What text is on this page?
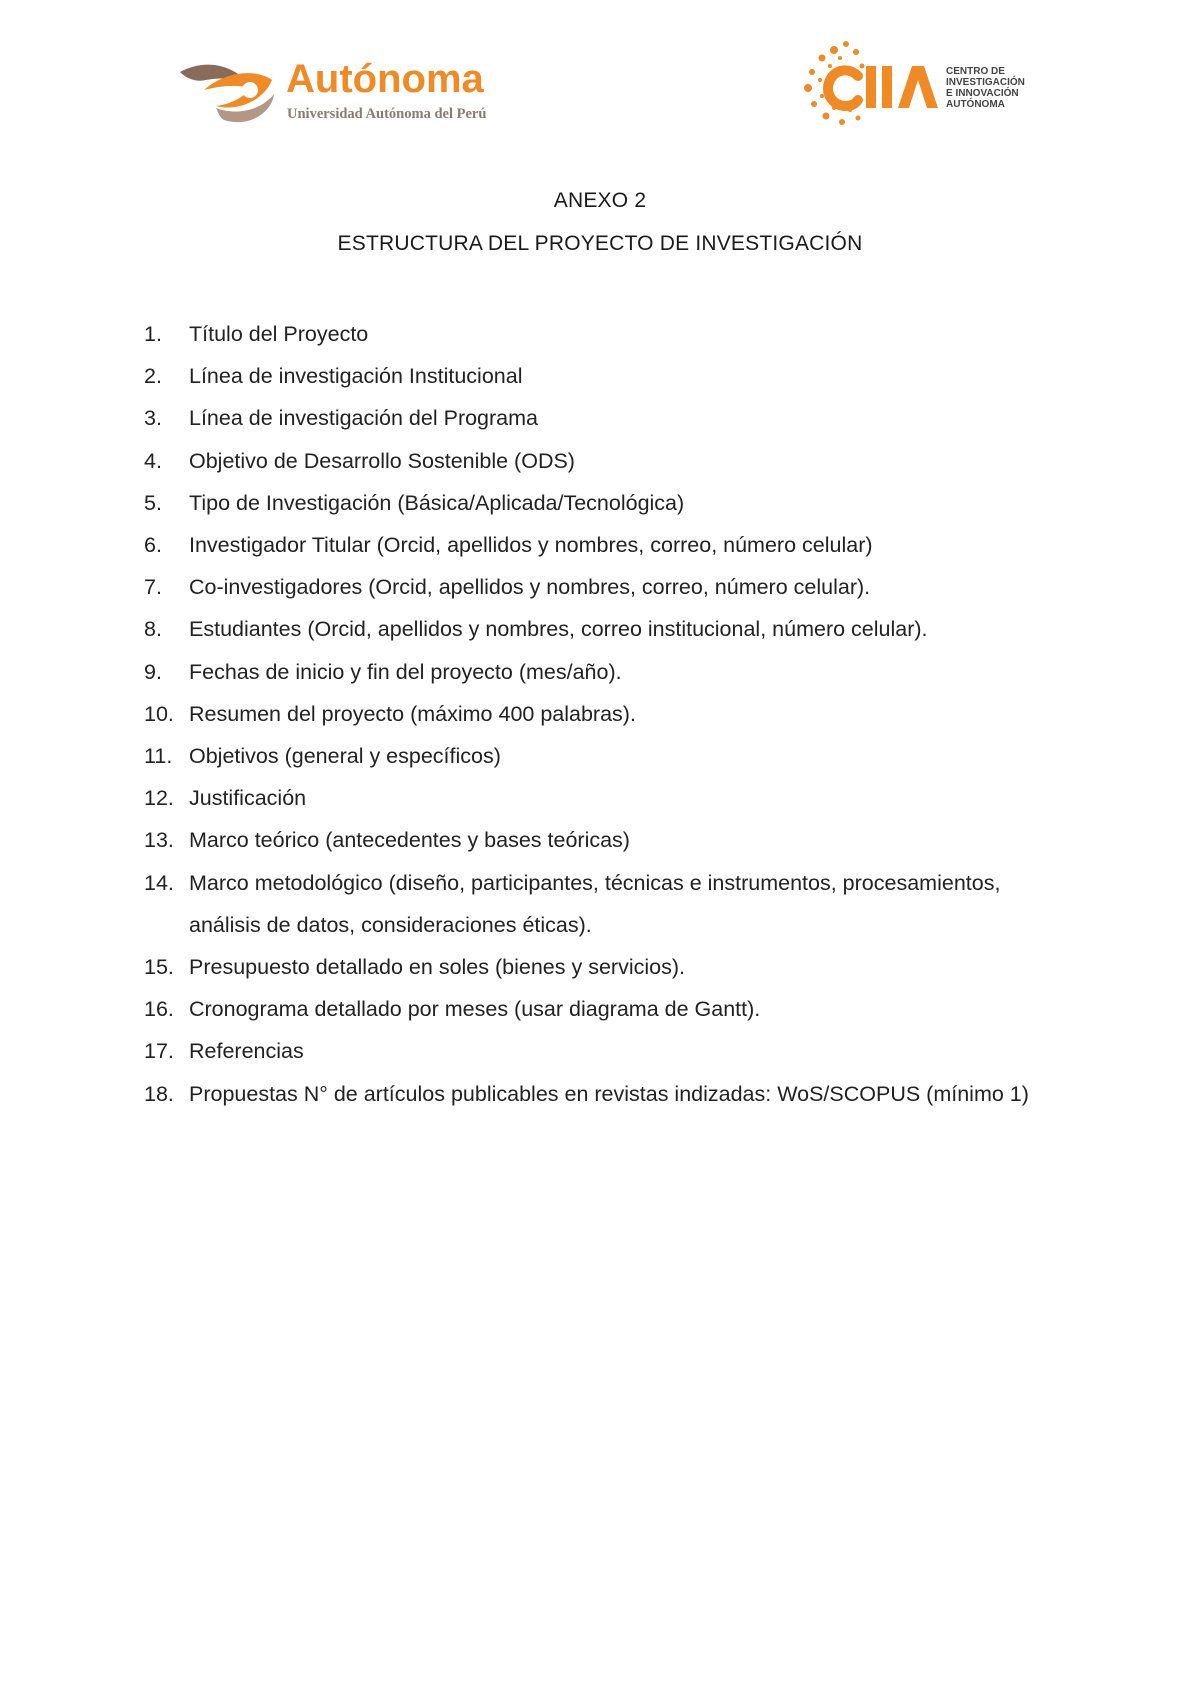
Autónoma
Universidad Autónoma del Perú
CENTRO DE
INVESTIGACIÓN
E INNOVACIÓN
AUTÓNOMA
ANEXO 2
ESTRUCTURA DEL PROYECTO DE INVESTIGACIÓN
1.	Título del Proyecto
2.	Línea de investigación Institucional
3.	Línea de investigación del Programa
4.	Objetivo de Desarrollo Sostenible (ODS)
5.	Tipo de Investigación (Básica/Aplicada/Tecnológica)
6.	Investigador Titular (Orcid, apellidos y nombres, correo, número celular)
7.	Co-investigadores (Orcid, apellidos y nombres, correo, número celular).
8.	Estudiantes (Orcid, apellidos y nombres, correo institucional, número celular).
9.	Fechas de inicio y fin del proyecto (mes/año).
10. Resumen del proyecto (máximo 400 palabras).
11. Objetivos (general y específicos)
12. Justificación
13. Marco teórico (antecedentes y bases teóricas)
14. Marco metodológico (diseño, participantes, técnicas e instrumentos, procesamientos, análisis de datos, consideraciones éticas).
15. Presupuesto detallado en soles (bienes y servicios).
16. Cronograma detallado por meses (usar diagrama de Gantt).
17. Referencias
18. Propuestas N° de artículos publicables en revistas indizadas: WoS/SCOPUS (mínimo 1)
